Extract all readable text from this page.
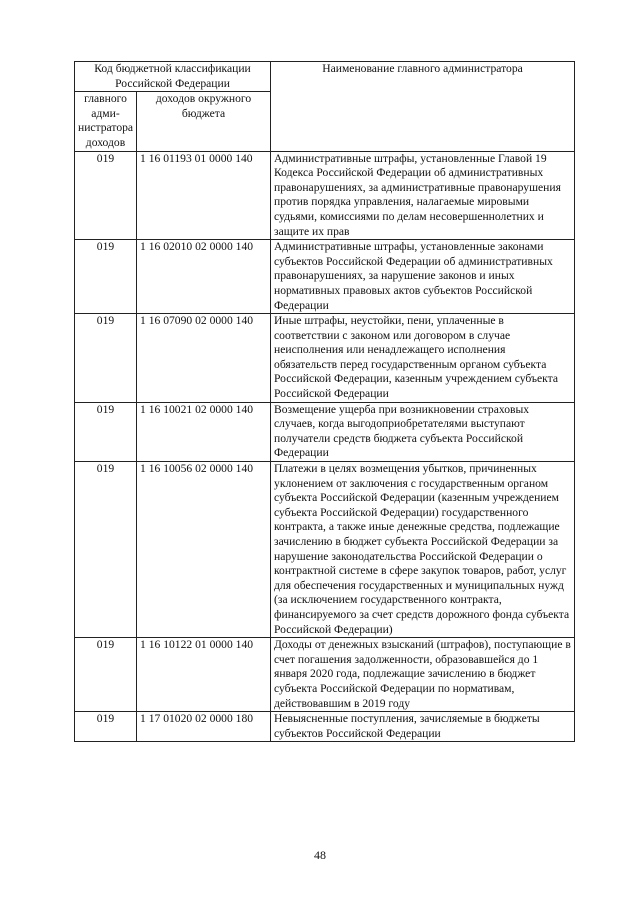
Код бюджетной классификации Российской Федерации		Наименование главного администратора
главного адми-нистратора доходов	доходов окружного бюджета	
019	1 16 01193 01 0000 140	Административные штрафы, установленные Главой 19 Кодекса Российской Федерации об административных правонарушениях, за административные правонарушения против порядка управления, налагаемые мировыми судьями, комиссиями по делам несовершеннолетних и защите их прав
019	1 16 02010 02 0000 140	Административные штрафы, установленные законами субъектов Российской Федерации об административных правонарушениях, за нарушение законов и иных нормативных правовых актов субъектов Российской Федерации
019	1 16 07090 02 0000 140	Иные штрафы, неустойки, пени, уплаченные в соответствии с законом или договором в случае неисполнения или ненадлежащего исполнения обязательств перед государственным органом субъекта Российской Федерации, казенным учреждением субъекта Российской Федерации
019	1 16 10021 02 0000 140	Возмещение ущерба при возникновении страховых случаев, когда выгодоприобретателями выступают получатели средств бюджета субъекта Российской Федерации
019	1 16 10056 02 0000 140	Платежи в целях возмещения убытков, причиненных уклонением от заключения с государственным органом субъекта Российской Федерации (казенным учреждением субъекта Российской Федерации) государственного контракта, а также иные денежные средства, подлежащие зачислению в бюджет субъекта Российской Федерации за нарушение законодательства Российской Федерации о контрактной системе в сфере закупок товаров, работ, услуг для обеспечения государственных и муниципальных нужд (за исключением государственного контракта, финансируемого за счет средств дорожного фонда субъекта Российской Федерации)
019	1 16 10122 01 0000 140	Доходы от денежных взысканий (штрафов), поступающие в счет погашения задолженности, образовавшейся до 1 января 2020 года, подлежащие зачислению в бюджет субъекта Российской Федерации по нормативам, действовавшим в 2019 году
019	1 17 01020 02 0000 180	Невыясненные поступления, зачисляемые в бюджеты субъектов Российской Федерации
48
